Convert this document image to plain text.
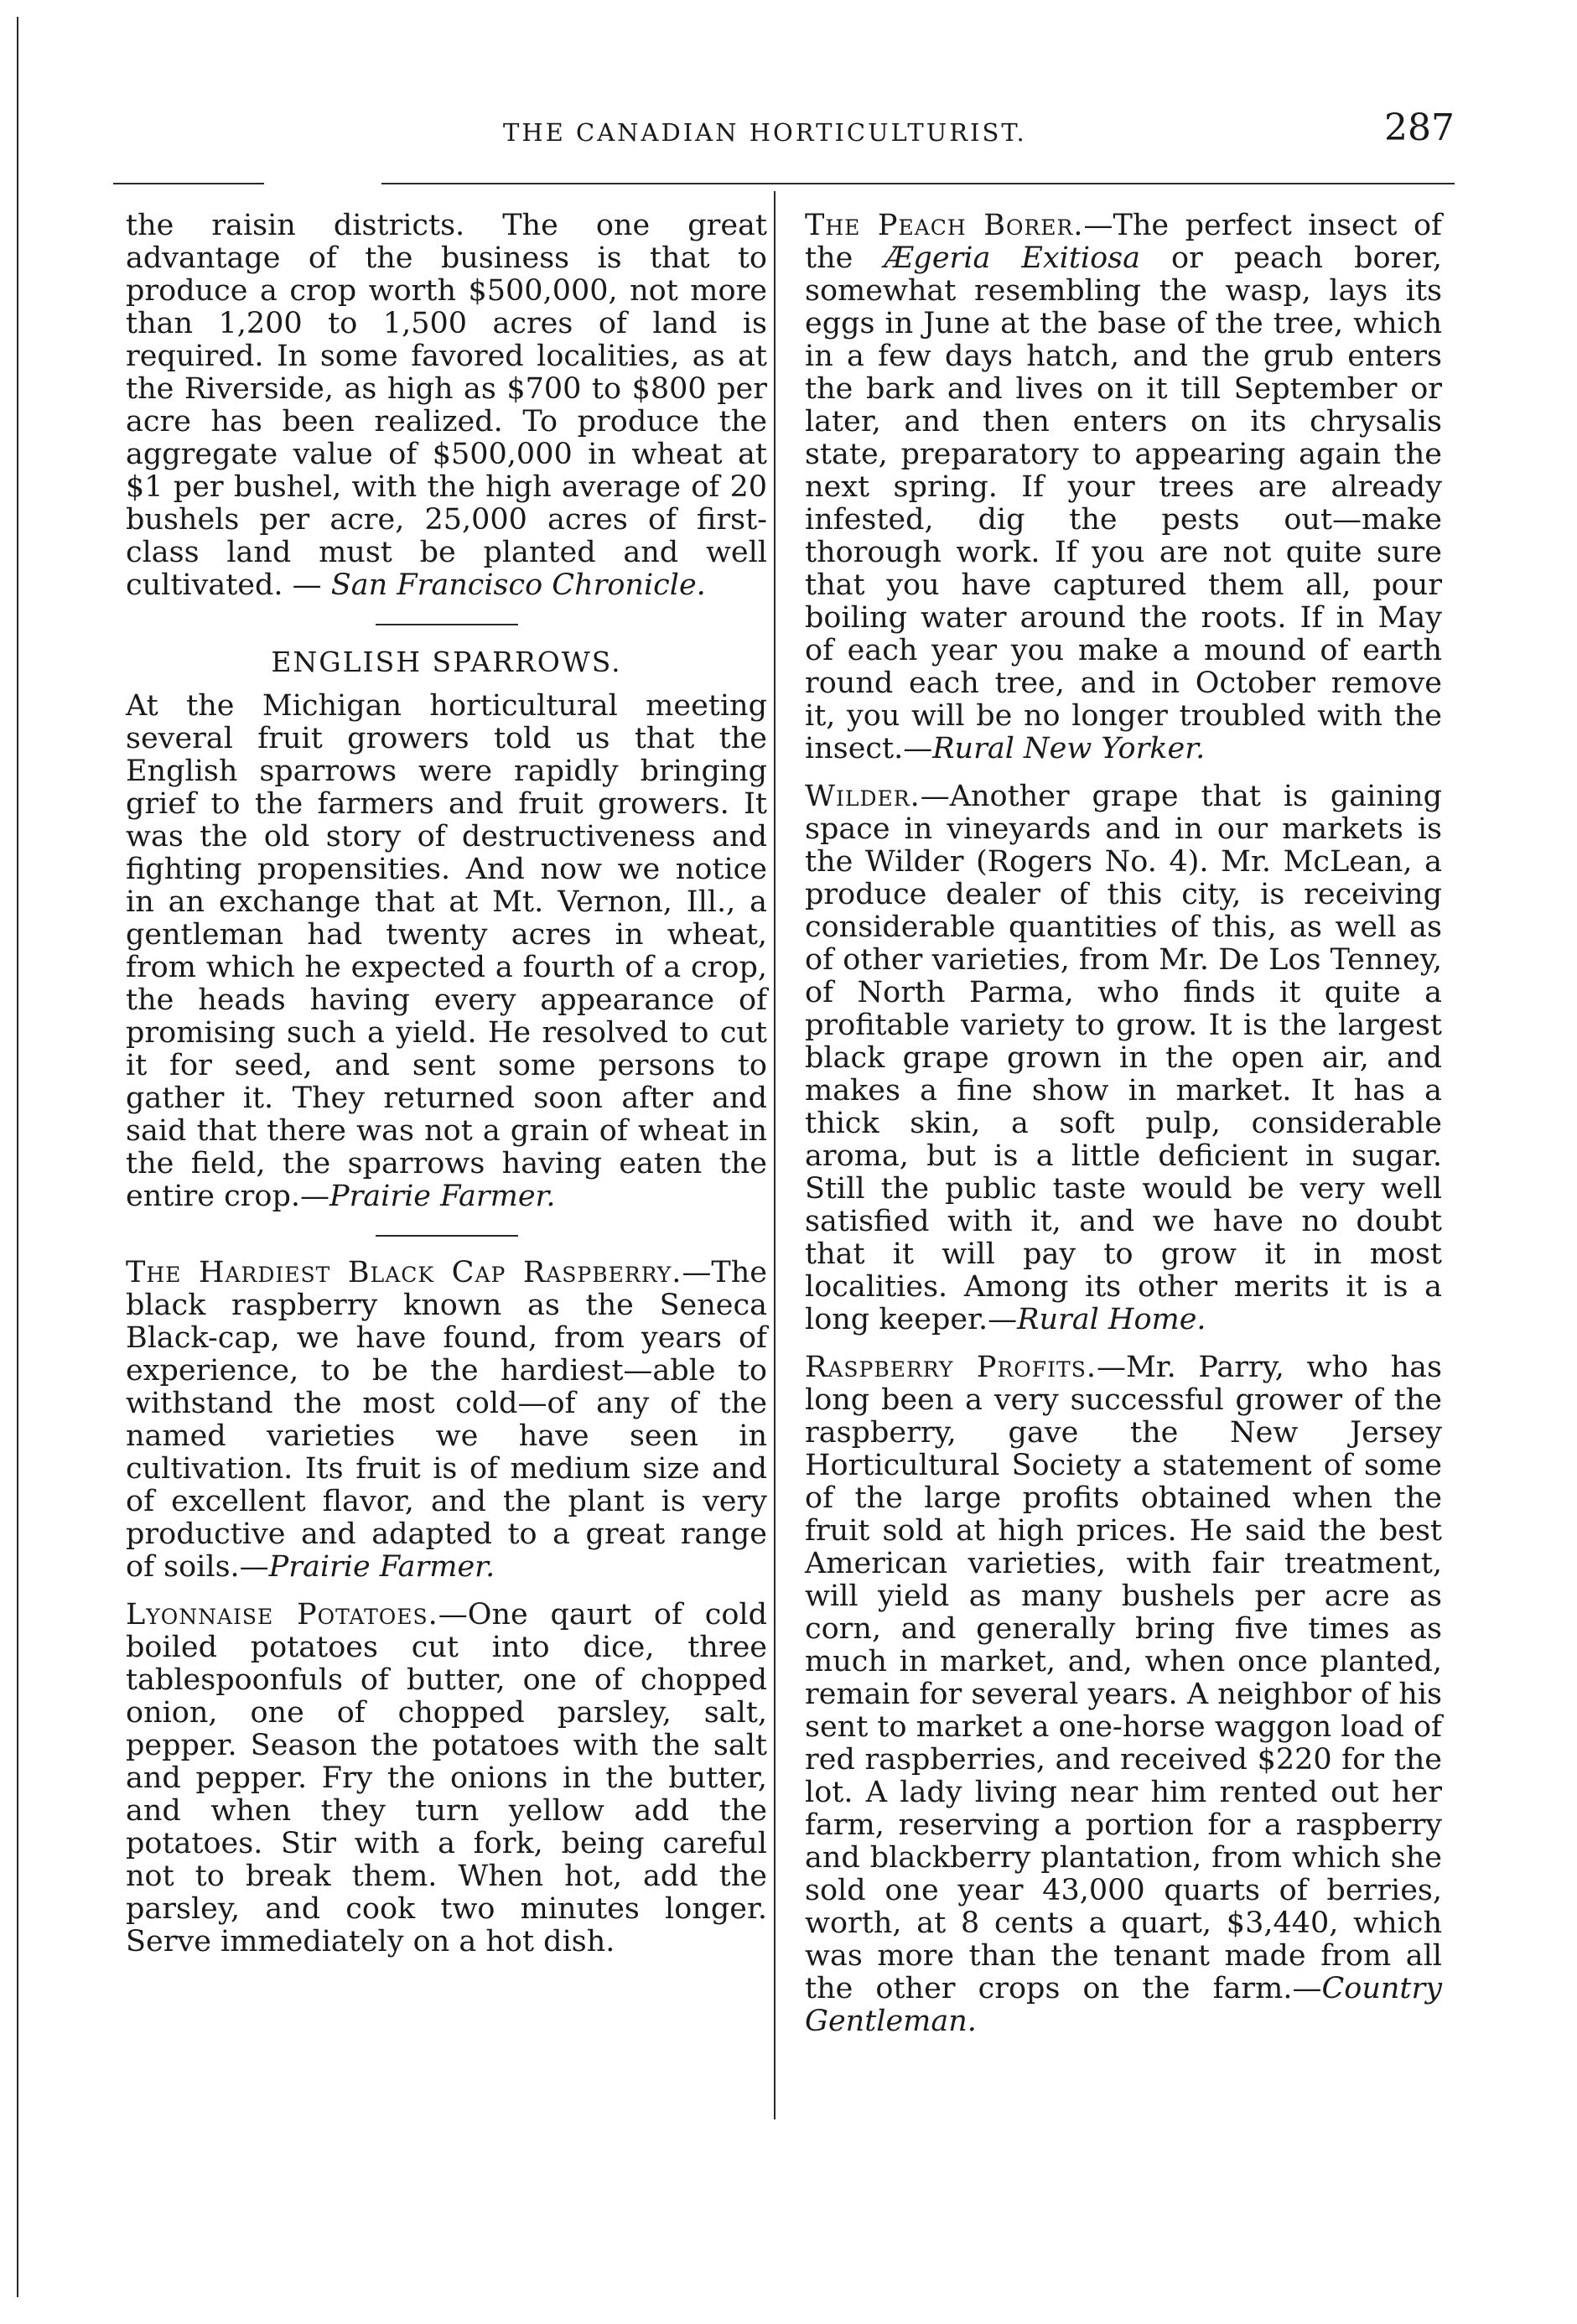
THE CANADIAN HORTICULTURIST.	287

the raisin districts. The one great advantage of the business is that to produce a crop worth $500,000, not more than 1,200 to 1,500 acres of land is required. In some favored localities, as at the Riverside, as high as $700 to $800 per acre has been realized. To produce the aggregate value of $500,000 in wheat at $1 per bushel, with the high average of 20 bushels per acre, 25,000 acres of first-class land must be planted and well cultivated. — San Francisco Chronicle.

ENGLISH SPARROWS.

At the Michigan horticultural meeting several fruit growers told us that the English sparrows were rapidly bringing grief to the farmers and fruit growers. It was the old story of destructiveness and fighting propensities. And now we notice in an exchange that at Mt. Vernon, Ill., a gentleman had twenty acres in wheat, from which he expected a fourth of a crop, the heads having every appearance of promising such a yield. He resolved to cut it for seed, and sent some persons to gather it. They returned soon after and said that there was not a grain of wheat in the field, the sparrows having eaten the entire crop.—Prairie Farmer.

The Hardiest Black Cap Raspberry.—The black raspberry known as the Seneca Black-cap, we have found, from years of experience, to be the hardiest—able to withstand the most cold—of any of the named varieties we have seen in cultivation. Its fruit is of medium size and of excellent flavor, and the plant is very productive and adapted to a great range of soils.—Prairie Farmer.

Lyonnaise Potatoes.—One qaurt of cold boiled potatoes cut into dice, three tablespoonfuls of butter, one of chopped onion, one of chopped parsley, salt, pepper. Season the potatoes with the salt and pepper. Fry the onions in the butter, and when they turn yellow add the potatoes. Stir with a fork, being careful not to break them. When hot, add the parsley, and cook two minutes longer. Serve immediately on a hot dish.

The Peach Borer.—The perfect insect of the Ægeria Exitiosa or peach borer, somewhat resembling the wasp, lays its eggs in June at the base of the tree, which in a few days hatch, and the grub enters the bark and lives on it till September or later, and then enters on its chrysalis state, preparatory to appearing again the next spring. If your trees are already infested, dig the pests out—make thorough work. If you are not quite sure that you have captured them all, pour boiling water around the roots. If in May of each year you make a mound of earth round each tree, and in October remove it, you will be no longer troubled with the insect.—Rural New Yorker.

Wilder.—Another grape that is gaining space in vineyards and in our markets is the Wilder (Rogers No. 4). Mr. McLean, a produce dealer of this city, is receiving considerable quantities of this, as well as of other varieties, from Mr. De Los Tenney, of North Parma, who finds it quite a profitable variety to grow. It is the largest black grape grown in the open air, and makes a fine show in market. It has a thick skin, a soft pulp, considerable aroma, but is a little deficient in sugar. Still the public taste would be very well satisfied with it, and we have no doubt that it will pay to grow it in most localities. Among its other merits it is a long keeper.—Rural Home.

Raspberry Profits.—Mr. Parry, who has long been a very successful grower of the raspberry, gave the New Jersey Horticultural Society a statement of some of the large profits obtained when the fruit sold at high prices. He said the best American varieties, with fair treatment, will yield as many bushels per acre as corn, and generally bring five times as much in market, and, when once planted, remain for several years. A neighbor of his sent to market a one-horse waggon load of red raspberries, and received $220 for the lot. A lady living near him rented out her farm, reserving a portion for a raspberry and blackberry plantation, from which she sold one year 43,000 quarts of berries, worth, at 8 cents a quart, $3,440, which was more than the tenant made from all the other crops on the farm.—Country Gentleman.
